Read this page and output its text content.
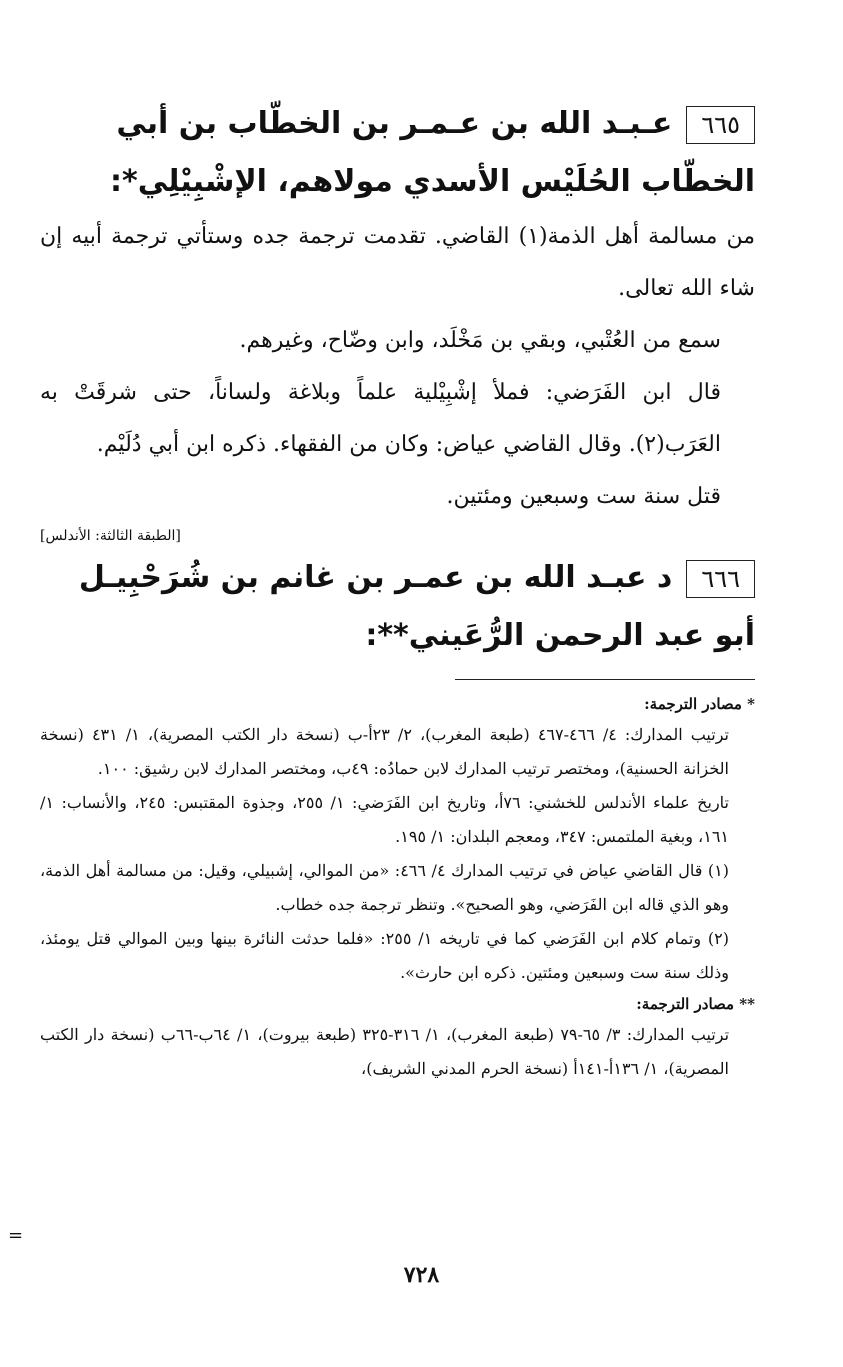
٦٦٥عـبـد الله بن عـمـر بن الخطّاب بن أبي الخطّاب الحُلَيْس الأسدي مولاهم، الإشْبِيْلِي*:

من مسالمة أهل الذمة(١) القاضي. تقدمت ترجمة جده وستأتي ترجمة أبيه إن شاء الله تعالى.

سمع من العُتْبي، وبقي بن مَخْلَد، وابن وضّاح، وغيرهم.

قال ابن الفَرَضي: فملأ إشْبِيْلية علماً وبلاغة ولساناً، حتى شرقَتْ به العَرَب(٢). وقال القاضي عياض: وكان من الفقهاء. ذكره ابن أبي دُلَيْم.

قتل سنة ست وسبعين ومئتين.

[الطبقة الثالثة: الأندلس]
٦٦٦د عبـد الله بن عمـر بن غانم بن شُرَحْبِيـل أبو عبد الرحمن الرُّعَيني**:
* مصادر الترجمة:

ترتيب المدارك: ٤/ ٤٦٦-٤٦٧ (طبعة المغرب)، ٢/ ٢٣أ-ب (نسخة دار الكتب المصرية)، ١/ ٤٣١ (نسخة الخزانة الحسنية)، ومختصر ترتيب المدارك لابن حمادُه: ٤٩ب، ومختصر المدارك لابن رشيق: ١٠٠.

تاريخ علماء الأندلس للخشني: ٧٦أ، وتاريخ ابن الفَرَضي: ١/ ٢٥٥، وجذوة المقتبس: ٢٤٥، والأنساب: ١/ ١٦١، وبغية الملتمس: ٣٤٧، ومعجم البلدان: ١/ ١٩٥.

(١) قال القاضي عياض في ترتيب المدارك ٤/ ٤٦٦: «من الموالي، إشبيلي، وقيل: من مسالمة أهل الذمة، وهو الذي قاله ابن الفَرَضي، وهو الصحيح». وتنظر ترجمة جده خطاب.

(٢) وتمام كلام ابن الفَرَضي كما في تاريخه ١/ ٢٥٥: «فلما حدثت النائرة بينها وبين الموالي قتل يومئذ، وذلك سنة ست وسبعين ومئتين. ذكره ابن حارث».

** مصادر الترجمة:

ترتيب المدارك: ٣/ ٦٥-٧٩ (طبعة المغرب)، ١/ ٣١٦-٣٢٥ (طبعة بيروت)، ١/ ٦٤ب-٦٦ب (نسخة دار الكتب المصرية)، ١/ ١٣٦أ-١٤١أ (نسخة الحرم المدني الشريف)،

=
٧٢٨
